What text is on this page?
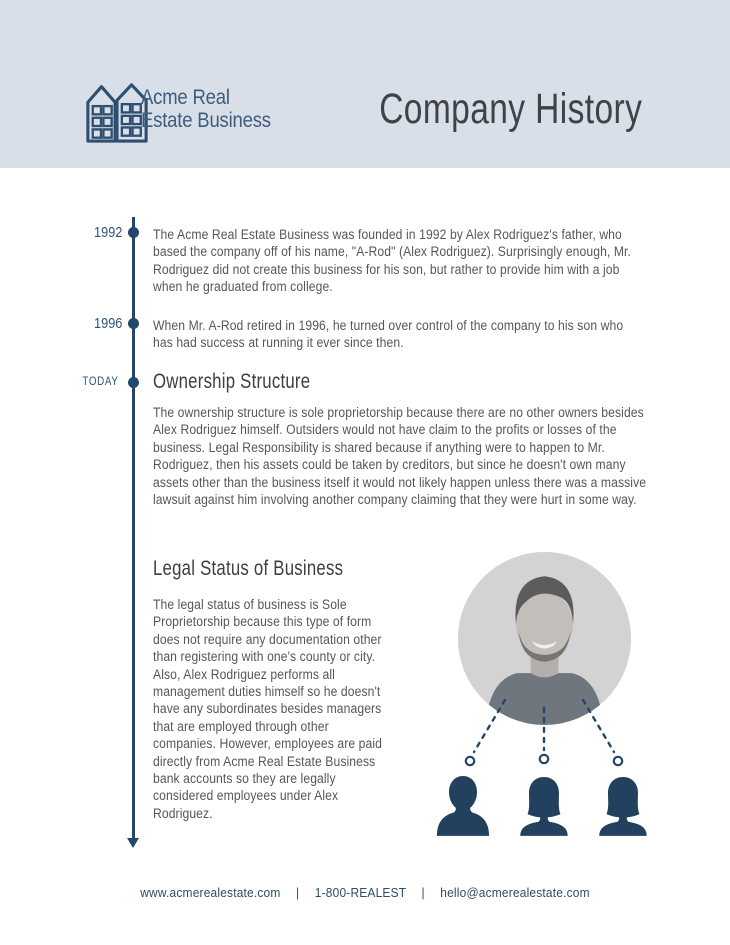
Acme Real
Estate Business	Company History
1992
1996
TODAY
The Acme Real Estate Business was founded in 1992 by Alex Rodriguez's father, who based the company off of his name, "A-Rod" (Alex Rodriguez). Surprisingly enough, Mr. Rodriguez did not create this business for his son, but rather to provide him with a job when he graduated from college.
When Mr. A-Rod retired in 1996, he turned over control of the company to his son who has had success at running it ever since then.
Ownership Structure
The ownership structure is sole proprietorship because there are no other owners besides Alex Rodriguez himself. Outsiders would not have claim to the profits or losses of the business. Legal Responsibility is shared because if anything were to happen to Mr. Rodriguez, then his assets could be taken by creditors, but since he doesn't own many assets other than the business itself it would not likely happen unless there was a massive lawsuit against him involving another company claiming that they were hurt in some way.
Legal Status of Business
The legal status of business is Sole Proprietorship because this type of form does not require any documentation other than registering with one's county or city. Also, Alex Rodriguez performs all management duties himself so he doesn't have any subordinates besides managers that are employed through other companies. However, employees are paid directly from Acme Real Estate Business bank accounts so they are legally considered employees under Alex Rodriguez.
www.acmerealestate.com | 1-800-REALEST | hello@acmerealestate.com
